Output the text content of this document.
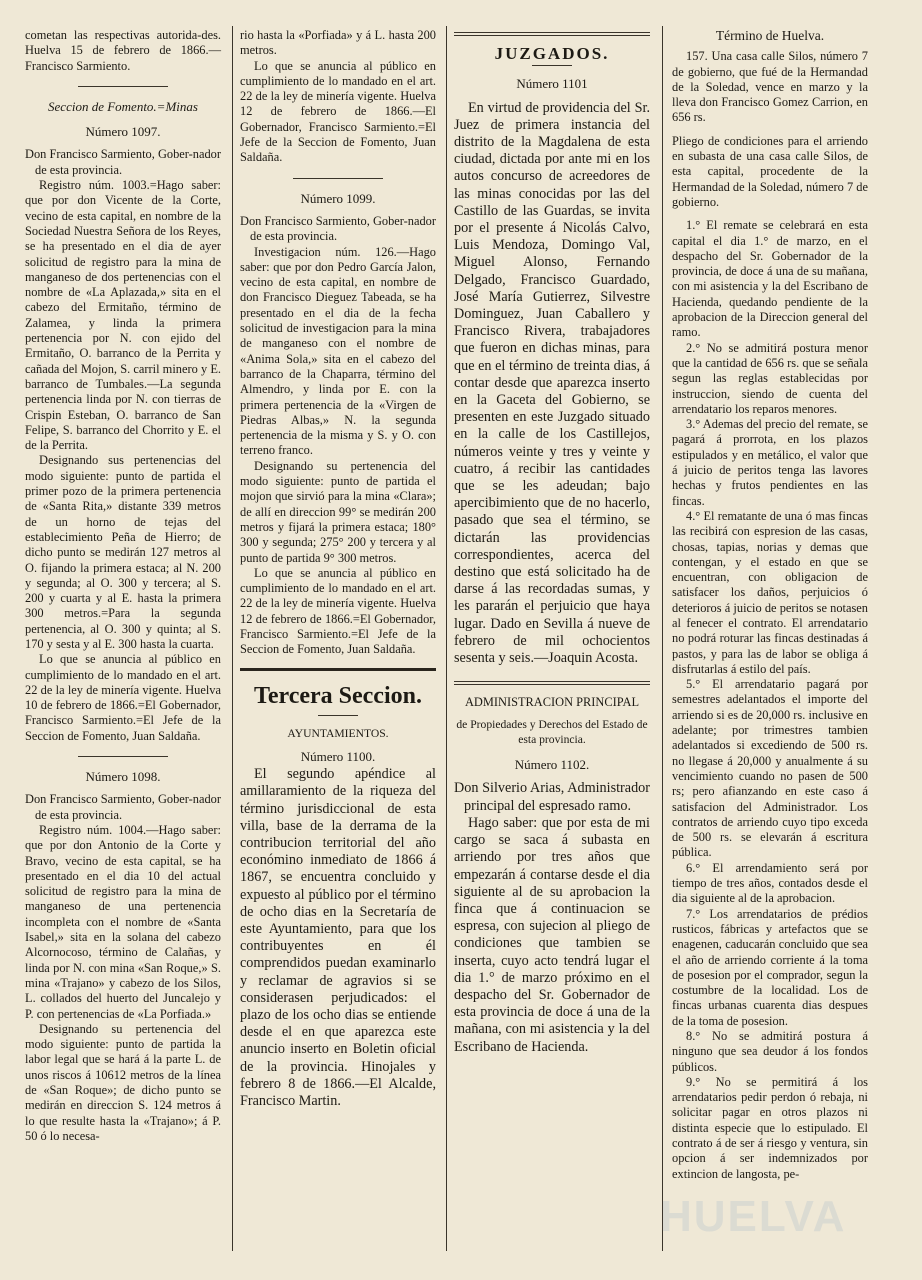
cometan las respectivas autorida-des. Huelva 15 de febrero de 1866.—Francisco Sarmiento.

Seccion de Fomento.=Minas
Número 1097.

Don Francisco Sarmiento, Gober-nador de esta provincia.

Registro núm. 1003.=Hago saber: que por don Vicente de la Corte, vecino de esta capital, en nombre de la Sociedad Nuestra Señora de los Reyes, se ha presentado en el dia de ayer solicitud de registro para la mina de manganeso de dos pertenencias con el nombre de «La Aplazada,» sita en el cabezo del Ermitaño, término de Zalamea, y linda la primera pertenencia por N. con ejido del Ermitaño, O. barranco de la Perrita y cañada del Mojon, S. carril minero y E. barranco de Tumbales.—La segunda pertenencia linda por N. con tierras de Crispin Esteban, O. barranco de San Felipe, S. barranco del Chorrito y E. el de la Perrita.

Designando sus pertenencias del modo siguiente: punto de partida el primer pozo de la primera pertenencia de «Santa Rita,» distante 339 metros de un horno de tejas del establecimiento Peña de Hierro; de dicho punto se medirán 127 metros al O. fijando la primera estaca; al N. 200 y segunda; al O. 300 y tercera; al S. 200 y cuarta y al E. hasta la primera 300 metros.=Para la segunda pertenencia, al O. 300 y quinta; al S. 170 y sesta y al E. 300 hasta la cuarta.

Lo que se anuncia al público en cumplimiento de lo mandado en el art. 22 de la ley de minería vigente. Huelva 10 de febrero de 1866.=El Gobernador, Francisco Sarmiento.=El Jefe de la Seccion de Fomento, Juan Saldaña.

Número 1098.

Don Francisco Sarmiento, Gober-nador de esta provincia.

Registro núm. 1004.—Hago saber: que por don Antonio de la Corte y Bravo, vecino de esta capital, se ha presentado en el dia 10 del actual solicitud de registro para la mina de manganeso de una pertenencia incompleta con el nombre de «Santa Isabel,» sita en la solana del cabezo Alcornocoso, término de Calañas, y linda por N. con mina «San Roque,» S. mina «Trajano» y cabezo de los Silos, L. collados del huerto del Juncalejo y P. con pertenencias de «La Porfiada.»

Designando su pertenencia del modo siguiente: punto de partida la labor legal que se hará á la parte L. de unos riscos á 10612 metros de la línea de «San Roque»; de dicho punto se medirán en direccion S. 124 metros á lo que resulte hasta la «Trajano»; á P. 50 ó lo necesa-

rio hasta la «Porfiada» y á L. hasta 200 metros.

Lo que se anuncia al público en cumplimiento de lo mandado en el art. 22 de la ley de minería vigente. Huelva 12 de febrero de 1866.—El Gobernador, Francisco Sarmiento.=El Jefe de la Seccion de Fomento, Juan Saldaña.

Número 1099.

Don Francisco Sarmiento, Gober-nador de esta provincia.

Investigacion núm. 126.—Hago saber: que por don Pedro García Jalon, vecino de esta capital, en nombre de don Francisco Dieguez Tabeada, se ha presentado en el dia de la fecha solicitud de investigacion para la mina de manganeso con el nombre de «Anima Sola,» sita en el cabezo del barranco de la Chaparra, término del Almendro, y linda por E. con la primera pertenencia de la «Virgen de Piedras Albas,» N. la segunda pertenencia de la misma y S. y O. con terreno franco.

Designando su pertenencia del modo siguiente: punto de partida el mojon que sirvió para la mina «Clara»; de allí en direccion 99° se medirán 200 metros y fijará la primera estaca; 180° 300 y segunda; 275° 200 y tercera y al punto de partida 9° 300 metros.

Lo que se anuncia al público en cumplimiento de lo mandado en el art. 22 de la ley de minería vigente. Huelva 12 de febrero de 1866.=El Gobernador, Francisco Sarmiento.=El Jefe de la Seccion de Fomento, Juan Saldaña.

Tercera Seccion.
AYUNTAMIENTOS.
Número 1100.

El segundo apéndice al amillaramiento de la riqueza del término jurisdiccional de esta villa, base de la derrama de la contribucion territorial del año económino inmediato de 1866 á 1867, se encuentra concluido y expuesto al público por el término de ocho dias en la Secretaría de este Ayuntamiento, para que los contribuyentes en él comprendidos puedan examinarlo y reclamar de agravios si se considerasen perjudicados: el plazo de los ocho dias se entiende desde el en que aparezca este anuncio inserto en Boletin oficial de la provincia. Hinojales y febrero 8 de 1866.—El Alcalde, Francisco Martin.

JUZGADOS.
Número 1101

En virtud de providencia del Sr. Juez de primera instancia del distrito de la Magdalena de esta ciudad, dictada por ante mi en los autos concurso de acreedores de las minas conocidas por las del Castillo de las Guardas, se invita por el presente á Nicolás Calvo, Luis Mendoza, Domingo Val, Miguel Alonso, Fernando Delgado, Francisco Guardado, José María Gutierrez, Silvestre Dominguez, Juan Caballero y Francisco Rivera, trabajadores que fueron en dichas minas, para que en el término de treinta dias, á contar desde que aparezca inserto en la Gaceta del Gobierno, se presenten en este Juzgado situado en la calle de los Castillejos, números veinte y tres y veinte y cuatro, á recibir las cantidades que se les adeudan; bajo apercibimiento que de no hacerlo, pasado que sea el término, se dictarán las providencias correspondientes, acerca del destino que está solicitado ha de darse á las recordadas sumas, y les pararán el perjuicio que haya lugar. Dado en Sevilla á nueve de febrero de mil ochocientos sesenta y seis.—Joaquin Acosta.

ADMINISTRACION PRINCIPAL
de Propiedades y Derechos del Estado de esta provincia.
Número 1102.

Don Silverio Arias, Administrador principal del espresado ramo.

Hago saber: que por esta de mi cargo se saca á subasta en arriendo por tres años que empezarán á contarse desde el dia siguiente al de su aprobacion la finca que á continuacion se espresa, con sujecion al pliego de condiciones que tambien se inserta, cuyo acto tendrá lugar el dia 1.° de marzo próximo en el despacho del Sr. Gobernador de esta provincia de doce á una de la mañana, con mi asistencia y la del Escribano de Hacienda.

Término de Huelva.

157. Una casa calle Silos, número 7 de gobierno, que fué de la Hermandad de la Soledad, vence en marzo y la lleva don Francisco Gomez Carrion, en 656 rs.

Pliego de condiciones para el arriendo en subasta de una casa calle Silos, de esta capital, procedente de la Hermandad de la Soledad, número 7 de gobierno.

1.° El remate se celebrará en esta capital el dia 1.° de marzo, en el despacho del Sr. Gobernador de la provincia, de doce á una de su mañana, con mi asistencia y la del Escribano de Hacienda, quedando pendiente de la aprobacion de la Direccion general del ramo.

2.° No se admitirá postura menor que la cantidad de 656 rs. que se señala segun las reglas establecidas por instruccion, siendo de cuenta del arrendatario los reparos menores.

3.° Ademas del precio del remate, se pagará á prorrota, en los plazos estipulados y en metálico, el valor que á juicio de peritos tenga las lavores hechas y frutos pendientes en las fincas.

4.° El rematante de una ó mas fincas las recibirá con espresion de las casas, chosas, tapias, norias y demas que contengan, y el estado en que se encuentran, con obligacion de satisfacer los daños, perjuicios ó deterioros á juicio de peritos se notasen al fenecer el contrato. El arrendatario no podrá roturar las fincas destinadas á pastos, y para las de labor se obliga á disfrutarlas á estilo del país.

5.° El arrendatario pagará por semestres adelantados el importe del arriendo si es de 20,000 rs. inclusive en adelante; por trimestres tambien adelantados si excediendo de 500 rs. no llegase á 20,000 y anualmente á su vencimiento cuando no pasen de 500 rs; pero afianzando en este caso á satisfacion del Administrador. Los contratos de arriendo cuyo tipo exceda de 500 rs. se elevarán á escritura pública.

6.° El arrendamiento será por tiempo de tres años, contados desde el dia siguiente al de la aprobacion.

7.° Los arrendatarios de prédios rusticos, fábricas y artefactos que se enagenen, caducarán concluido que sea el año de arriendo corriente á la toma de posesion por el comprador, segun la costumbre de la localidad. Los de fincas urbanas cuarenta dias despues de la toma de posesion.

8.° No se admitirá postura á ninguno que sea deudor á los fondos públicos.

9.° No se permitirá á los arrendatarios pedir perdon ó rebaja, ni solicitar pagar en otros plazos ni distinta especie que lo estipulado. El contrato á de ser á riesgo y ventura, sin opcion á ser indemnizados por extincion de langosta, pe-

HUELVA
